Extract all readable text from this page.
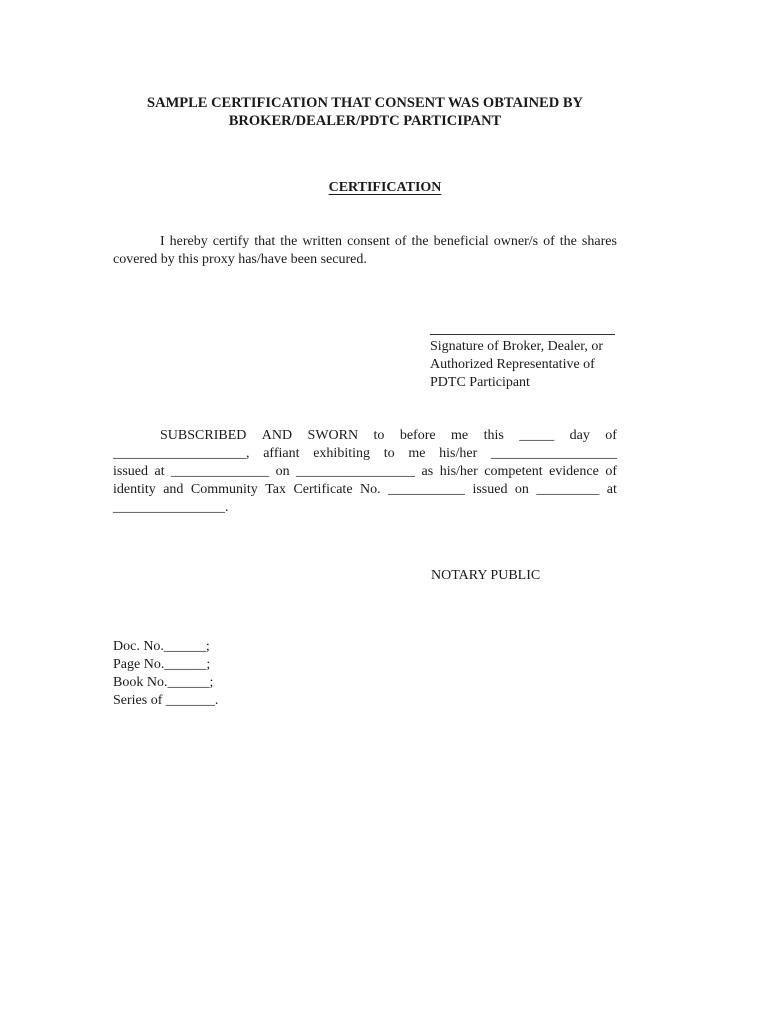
SAMPLE CERTIFICATION THAT CONSENT WAS OBTAINED BY
BROKER/DEALER/PDTC PARTICIPANT
CERTIFICATION
I hereby certify that the written consent of the beneficial owner/s of the shares
covered by this proxy has/have been secured.
Signature of Broker, Dealer, or
Authorized Representative of
PDTC Participant
SUBSCRIBED AND SWORN to before me this _____ day of
___________________, affiant exhibiting to me his/her __________________
issued at ______________ on _________________ as his/her competent evidence of
identity and Community Tax Certificate No. ___________ issued on _________ at
________________.
NOTARY PUBLIC
Doc. No.______;
Page No.______;
Book No.______;
Series of _______.
